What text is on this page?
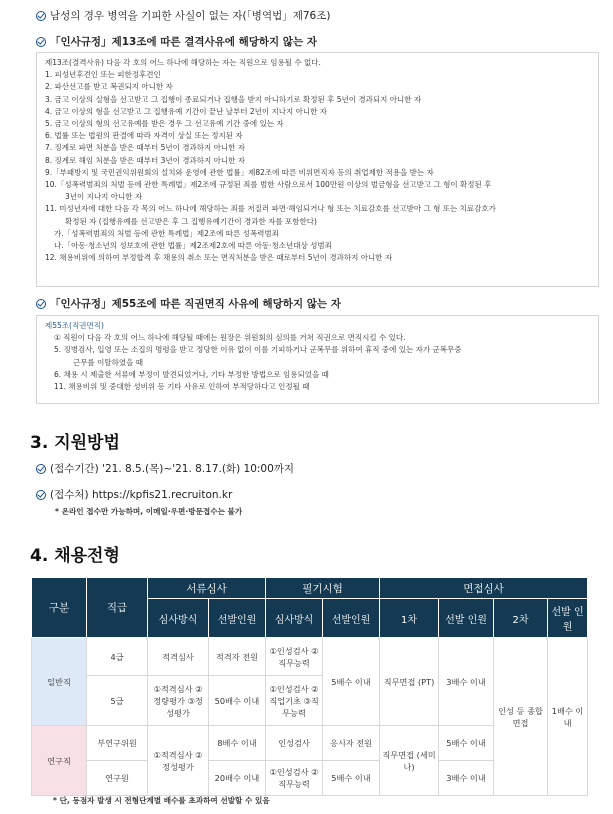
남성의 경우 병역을 기피한 사실이 없는 자(「병역법」제76조)
「인사규정」제13조에 따른 결격사유에 해당하지 않는 자
제13조(결격사유) 다음 각 호의 어느 하나에 해당하는 자는 직원으로 임용될 수 없다.
1. 피성년후견인 또는 피한정후견인
2. 파산선고를 받고 복권되지 아니한 자
3. 금고 이상의 실형을 선고받고 그 집행이 종료되거나 집행을 받지 아니하기로 확정된 후 5년이 경과되지 아니한 자
4. 금고 이상의 형을 선고받고 그 집행유예 기간이 끝난 날부터 2년이 지나지 아니한 자
5. 금고 이상의 형의 선고유예를 받은 경우 그 선고유예 기간 중에 있는 자
6. 법률 또는 법원의 판결에 따라 자격이 상실 또는 정지된 자
7. 징계로 파면 처분을 받은 때부터 5년이 경과하지 아니한 자
8. 징계로 해임 처분을 받은 때부터 3년이 경과하지 아니한 자
9.「부패방지 및 국민권익위원회의 설치와 운영에 관한 법률」제82조에 따른 비위면직자 등의 취업제한 적용을 받는 자
10.「성폭력범죄의 처벌 등에 관한 특례법」제2조에 규정된 죄를 범한 사람으로서 100만원 이상의 벌금형을 선고받고 그 형이 확정된 후
3년이 지나지 아니한 자
11. 미성년자에 대한 다음 각 목의 어느 하나에 해당하는 죄를 저질러 파면·해임되거나 형 또는 치료감호를 선고받아 그 형 또는 치료감호가
확정된 자 (집행유예를 선고받은 후 그 집행유예기간이 경과한 자를 포함한다)
가.「성폭력범죄의 처벌 등에 관한 특례법」제2조에 따른 성폭력범죄
나.「아동·청소년의 성보호에 관한 법률」제2조제2호에 따른 아동·청소년대상 성범죄
12. 채용비위에 의하여 부정합격 후 채용의 취소 또는 면직처분을 받은 때로부터 5년이 경과하지 아니한 자
「인사규정」제55조에 따른 직권면직 사유에 해당하지 않는 자
제55조(직권면직)
① 직원이 다음 각 호의 어느 하나에 해당될 때에는 원장은 위원회의 심의를 거쳐 직권으로 면직시킬 수 있다.
5. 징병검사, 입영 또는 소집의 명령을 받고 정당한 이유 없이 이를 기피하거나 군복무를 위하여 휴직 중에 있는 자가 군복무중
근무를 이탈하였을 때
6. 채용 시 제출한 서류에 부정이 발견되었거나, 기타 부정한 방법으로 임용되었을 때
11. 채용비위 및 중대한 성비위 등 기타 사유로 인하여 부적당하다고 인정될 때
3. 지원방법
(접수기간) '21. 8.5.(목)~'21. 8.17.(화) 10:00까지
(접수처) https://kpfis21.recruiton.kr
* 온라인 접수만 가능하며, 이메일·우편·방문접수는 불가
4. 채용전형
구분	직급	서류심사		필기시험		면접심사			
		심사방식	선발인원	심사방식	선발인원	1차	선발 인원	2차	선발 인원
일반직	4급	적격심사	적격자 전원	①인성검사 ②직무능력	5배수 이내	직무면접 (PT)	3배수 이내	인성 등 종합면접	1배수 이내
	5급	①적격심사 ②정량평가 ③정성평가	50배수 이내	①인성검사 ②직업기초 ③직무능력					
연구직	부연구위원	①적격심사 ②정성평가	8배수 이내	인성검사	응시자 전원	직무면접 (세미나)	5배수 이내		
	연구원		20배수 이내	①인성검사 ②직무능력	5배수 이내		3배수 이내		
* 단, 동점자 발생 시 전형단계별 배수를 초과하여 선발할 수 있음
